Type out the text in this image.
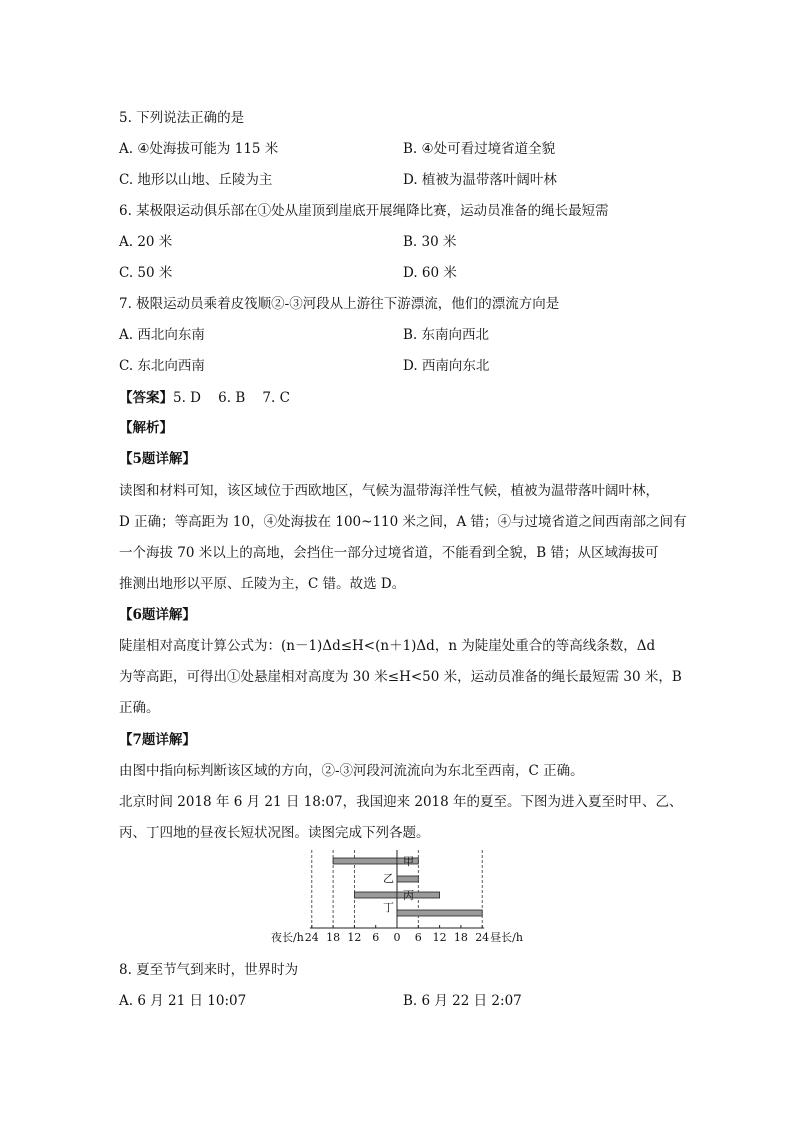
5. 下列说法正确的是
A. ④处海拔可能为 115 米	B. ④处可看过境省道全貌
C. 地形以山地、丘陵为主	D. 植被为温带落叶阔叶林
6. 某极限运动俱乐部在①处从崖顶到崖底开展绳降比赛，运动员准备的绳长最短需
A. 20 米	B. 30 米
C. 50 米	D. 60 米
7. 极限运动员乘着皮筏顺②-③河段从上游往下游漂流，他们的漂流方向是
A. 西北向东南	B. 东南向西北
C. 东北向西南	D. 西南向东北
【答案】5. D    6. B    7. C
【解析】
【5题详解】
读图和材料可知，该区域位于西欧地区，气候为温带海洋性气候，植被为温带落叶阔叶林，
D 正确；等高距为 10，④处海拔在 100~110 米之间，A 错；④与过境省道之间西南部之间有
一个海拔 70 米以上的高地，会挡住一部分过境省道，不能看到全貌，B 错；从区域海拔可
推测出地形以平原、丘陵为主，C 错。故选 D。
【6题详解】
陡崖相对高度计算公式为：(n－1)Δd≤H<(n＋1)Δd，n 为陡崖处重合的等高线条数，Δd
为等高距，可得出①处悬崖相对高度为 30 米≤H<50 米，运动员准备的绳长最短需 30 米，B
正确。
【7题详解】
由图中指向标判断该区域的方向，②-③河段河流流向为东北至西南，C 正确。
北京时间 2018 年 6 月 21 日 18:07，我国迎来 2018 年的夏至。下图为进入夏至时甲、乙、
丙、丁四地的昼夜长短状况图。读图完成下列各题。
甲
乙
丙
丁
24 18 12 6 0 6 12 18 24
夜长/h	昼长/h
8. 夏至节气到来时，世界时为
A. 6 月 21 日 10:07	B. 6 月 22 日 2:07
